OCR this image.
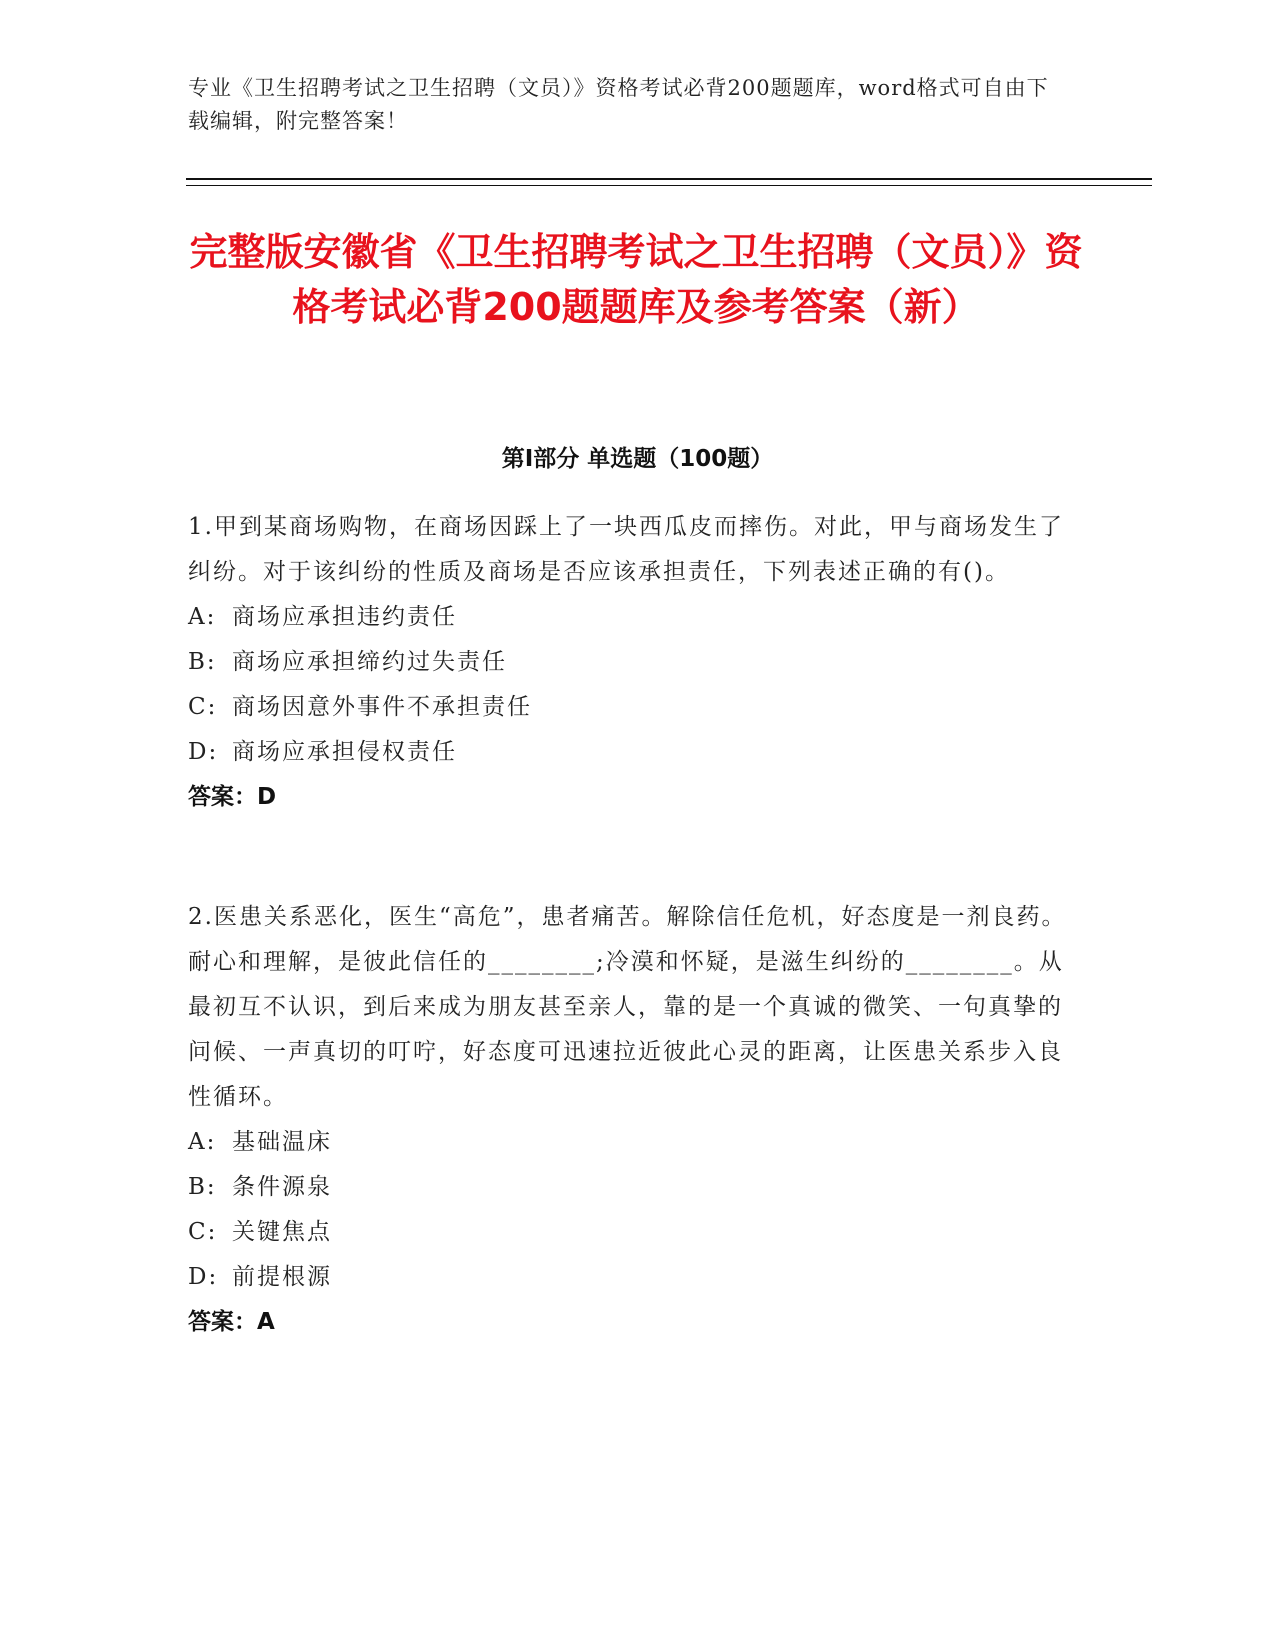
专业《卫生招聘考试之卫生招聘（文员）》资格考试必背200题题库，word格式可自由下载编辑，附完整答案！
完整版安徽省《卫生招聘考试之卫生招聘（文员）》资格考试必背200题题库及参考答案（新）
第Ⅰ部分 单选题（100题）
1.甲到某商场购物，在商场因踩上了一块西瓜皮而摔伤。对此，甲与商场发生了纠纷。对于该纠纷的性质及商场是否应该承担责任，下列表述正确的有()。
A: 商场应承担违约责任
B: 商场应承担缔约过失责任
C: 商场因意外事件不承担责任
D: 商场应承担侵权责任
答案：D
2.医患关系恶化，医生“高危”，患者痛苦。解除信任危机，好态度是一剂良药。耐心和理解，是彼此信任的________;冷漠和怀疑，是滋生纠纷的________。从最初互不认识，到后来成为朋友甚至亲人，靠的是一个真诚的微笑、一句真挚的问候、一声真切的叮咛，好态度可迅速拉近彼此心灵的距离，让医患关系步入良性循环。
A: 基础温床
B: 条件源泉
C: 关键焦点
D: 前提根源
答案：A
